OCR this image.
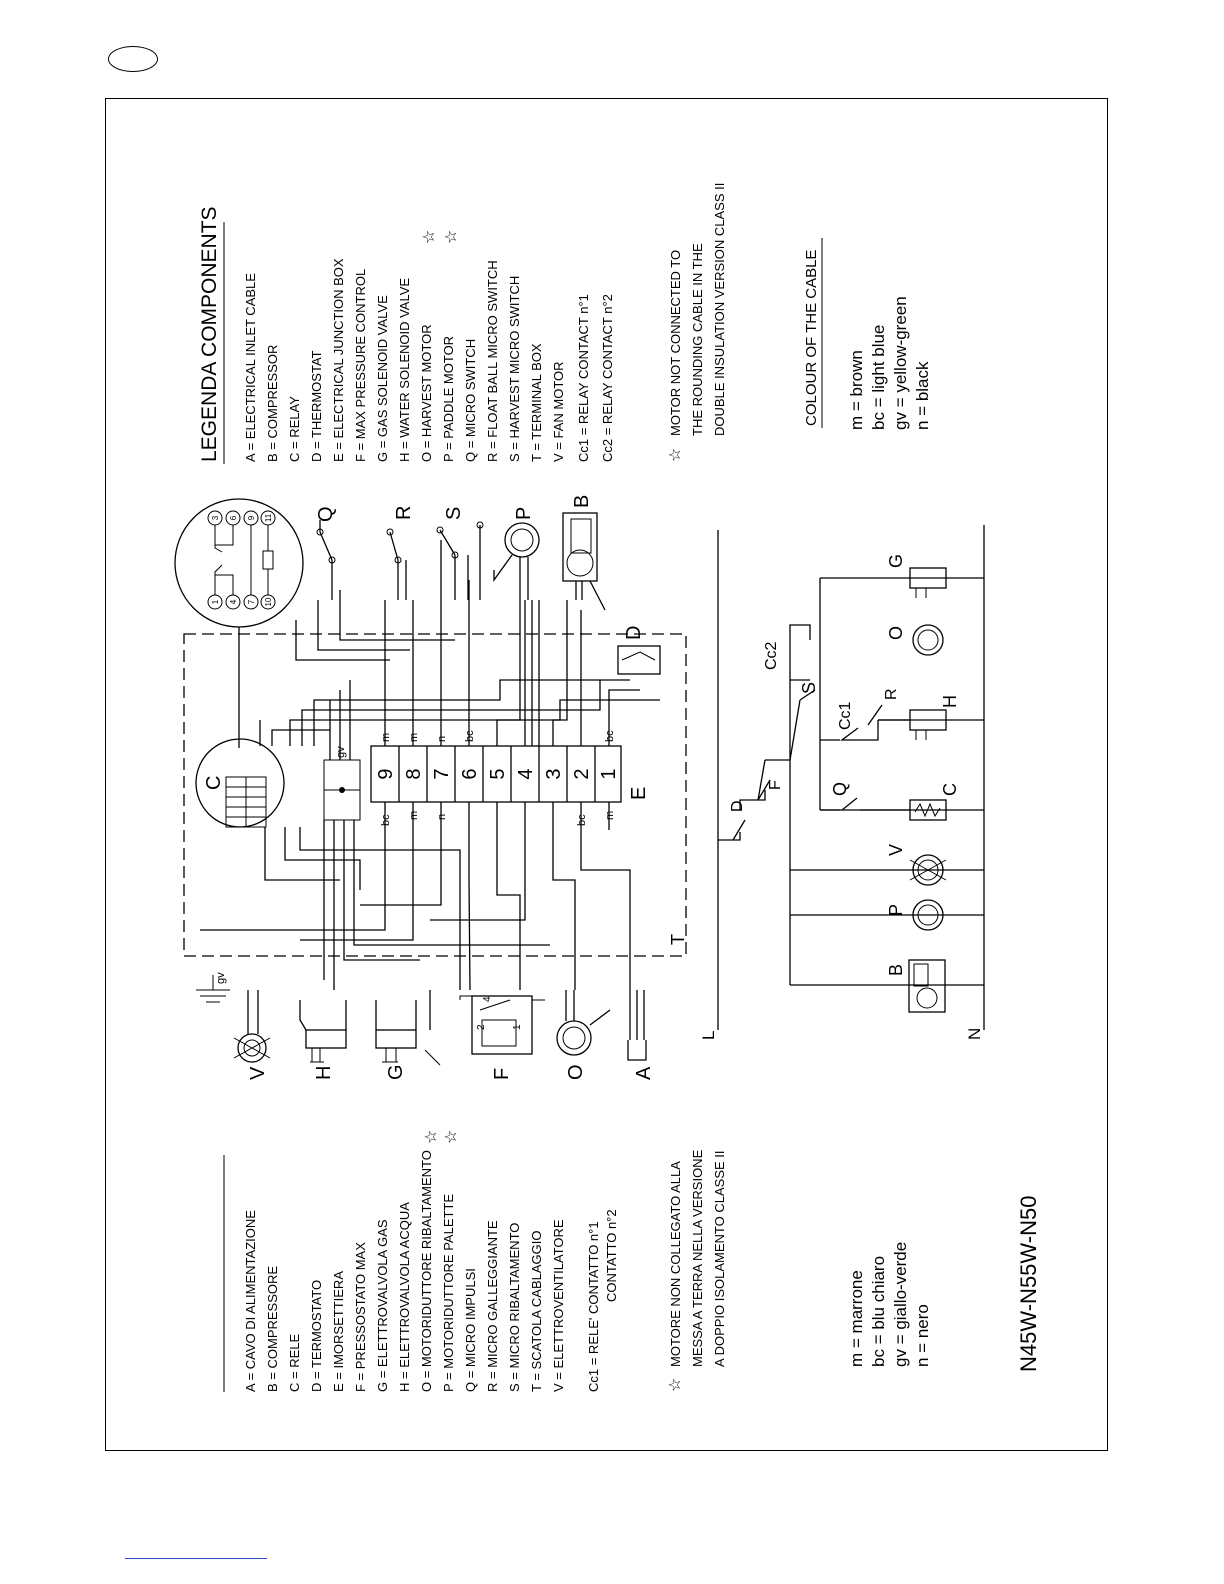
LEGENDA COMPONENTS A = ELECTRICAL INLET CABLE B = COMPRESSOR C = RELAY D = THERMOSTAT E = ELECTRICAL JUNCTION BOX F = MAX PRESSURE CONTROL G = GAS SOLENOID VALVE H = WATER SOLENOID VALVE O = HARVEST MOTOR P = PADDLE MOTOR Q = MICRO SWITCH R = FLOAT BALL MICRO SWITCH S = HARVEST MICRO SWITCH T = TERMINAL BOX V = FAN MOTOR Cc1 = RELAY CONTACT n°1 Cc2 = RELAY CONTACT n°2
☆ ☆
☆
MOTOR NOT CONNECTED TO THE ROUNDING CABLE IN THE DOUBLE INSULATION VERSION CLASS II	COLOUR OF THE CABLE m = brown bc = light blue gv = yellow-green n = black
A = CAVO DI ALIMENTAZIONE B = COMPRESSORE C = RELE D = TERMOSTATO E = IMORSETTIERA F = PRESSOSTATO MAX G = ELETTROVALVOLA GAS H = ELETTROVALVOLA ACQUA O = MOTORIDUTTORE RIBALTAMENTO P = MOTORIDUTTORE PALETTE Q = MICRO IMPULSI R = MICRO GALLEGGIANTE S = MICRO RIBALTAMENTO T = SCATOLA CABLAGGIO V = ELETTROVENTILATORE Cc1 = RELE' CONTATTO n°1 CONTATTO n°2
☆ ☆
☆
MOTORE NON COLLEGATO ALLA MESSA A TERRA NELLA VERSIONE A DOPPIO ISOLAMENTO CLASSE II	m = marrone bc = blu chiaro gv = giallo-verde n = nero	N45W-N55W-N50
T
1 4 7 10
3 6 9 11
C
9 8 7 6 5 4 3 2 1
E
m m n bc	bc
bc m n	bc m
gv
gv
Q	R S P
B
D
V H	G
2
4
1
F	O A
L	N
D
F
B
P
V
Q	C
Cc1
R
H
S
Cc2
O
G
